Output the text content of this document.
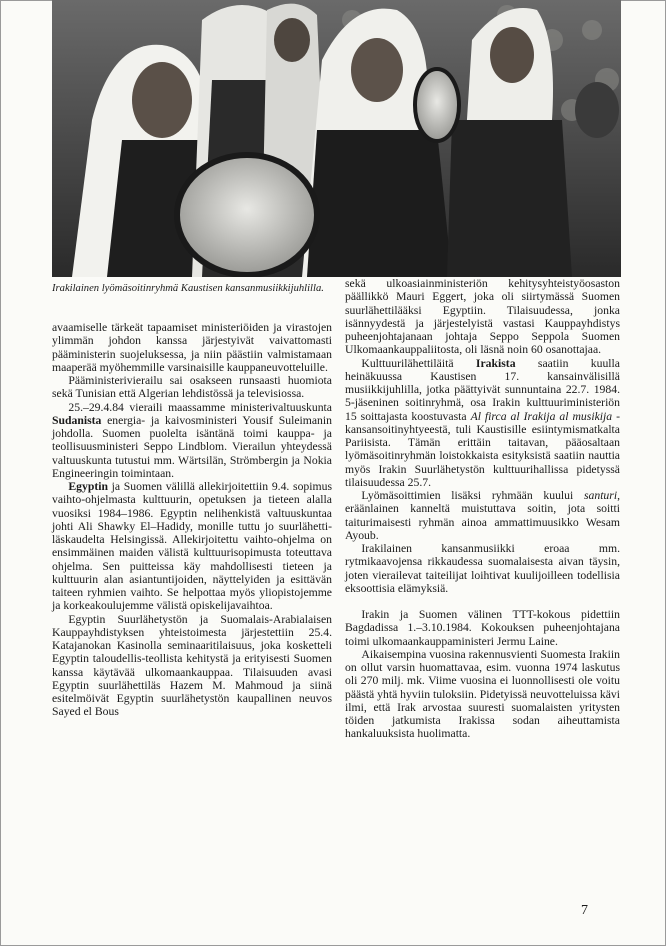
Irakilainen lyömäsoitinryhmä Kaustisen kansanmusiikkijuhlilla.

avaamiselle tärkeät tapaamiset ministeriöiden ja virastojen ylimmän johdon kanssa järjestyivät vaivattomasti pääministerin suojeluksessa, ja niin päästiin valmistamaan maaperää myöhemmille varsinaisille kauppaneuvotteluille.

Pääministerivierailu sai osakseen runsaasti huomiota sekä Tunisian että Algerian lehdistössä ja televisiossa.

25.–29.4.84 vieraili maassamme ministerivaltuuskunta Sudanista energia- ja kaivosministeri Yousif Suleimanin johdolla. Suomen puolelta isäntänä toimi kauppa- ja teollisuusministeri Seppo Lindblom. Vierailun yhteydessä valtuuskunta tutustui mm. Wärtsilän, Strömbergin ja Nokia Engineeringin toimintaan.

Egyptin ja Suomen välillä allekirjoitettiin 9.4. sopimus vaihto-ohjelmasta kulttuurin, opetuksen ja tieteen alalla vuosiksi 1984–1986. Egyptin nelihenkistä valtuuskuntaa johti Ali Shawky El–Hadidy, monille tuttu jo suurlähettiläskaudelta Helsingissä. Allekirjoitettu vaihto-ohjelma on ensimmäinen maiden välistä kulttuurisopimusta toteuttava ohjelma. Sen puitteissa käy mahdollisesti tieteen ja kulttuurin alan asiantuntijoiden, näyttelyiden ja esittävän taiteen ryhmien vaihto. Se helpottaa myös yliopistojemme ja korkeakoulujemme välistä opiskelijavaihtoa.

Egyptin Suurlähetystön ja Suomalais-Arabialaisen Kauppayhdistyksen yhteistoimesta järjestettiin 25.4. Katajanokan Kasinolla seminaaritilaisuus, joka kosketteli Egyptin taloudellis-teollista kehitystä ja erityisesti Suomen kanssa käytävää ulkomaankauppaa. Tilaisuuden avasi Egyptin suurlähettiläs Hazem M. Mahmoud ja siinä esitelmöivät Egyptin suurlähetystön kaupallinen neuvos Sayed el Bous

sekä ulkoasiainministeriön kehitysyhteistyöosaston päällikkö Mauri Eggert, joka oli siirtymässä Suomen suurlähettilääksi Egyptiin. Tilaisuudessa, jonka isännyydestä ja järjestelyistä vastasi Kauppayhdistys puheenjohtajanaan johtaja Seppo Seppola Suomen Ulkomaankauppaliitosta, oli läsnä noin 60 osanottajaa.

Kulttuurilähettiläitä Irakista saatiin kuulla heinäkuussa Kaustisen 17. kansainvälisillä musiikkijuhlilla, jotka päättyivät sunnuntaina 22.7. 1984. 5-jäseninen soitinryhmä, osa Irakin kulttuuriministeriön 15 soittajasta koostuvasta Al firca al Irakija al musikija -kansansoitinyhtyeestä, tuli Kaustisille esiintymismatkalta Pariisista. Tämän erittäin taitavan, pääosaltaan lyömäsoitinryhmän loistokkaista esityksistä saatiin nauttia myös Irakin Suurlähetystön kulttuurihallissa pidetyssä tilaisuudessa 25.7.

Lyömäsoittimien lisäksi ryhmään kuului santuri, eräänlainen kanneltä muistuttava soitin, jota soitti taiturimaisesti ryhmän ainoa ammattimuusikko Wesam Ayoub.

Irakilainen kansanmusiikki eroaa mm. rytmikaavojensa rikkaudessa suomalaisesta aivan täysin, joten vierailevat taiteilijat loihtivat kuulijoilleen todellisia eksoottisia elämyksiä.

Irakin ja Suomen välinen TTT-kokous pidettiin Bagdadissa 1.–3.10.1984. Kokouksen puheenjohtajana toimi ulkomaankauppaministeri Jermu Laine.

Aikaisempina vuosina rakennusvienti Suomesta Irakiin on ollut varsin huomattavaa, esim. vuonna 1974 laskutus oli 270 milj. mk. Viime vuosina ei luonnollisesti ole voitu päästä yhtä hyviin tuloksiin. Pidetyissä neuvotteluissa kävi ilmi, että Irak arvostaa suuresti suomalaisten yritysten töiden jatkumista Irakissa sodan aiheuttamista hankaluuksista huolimatta.

7
